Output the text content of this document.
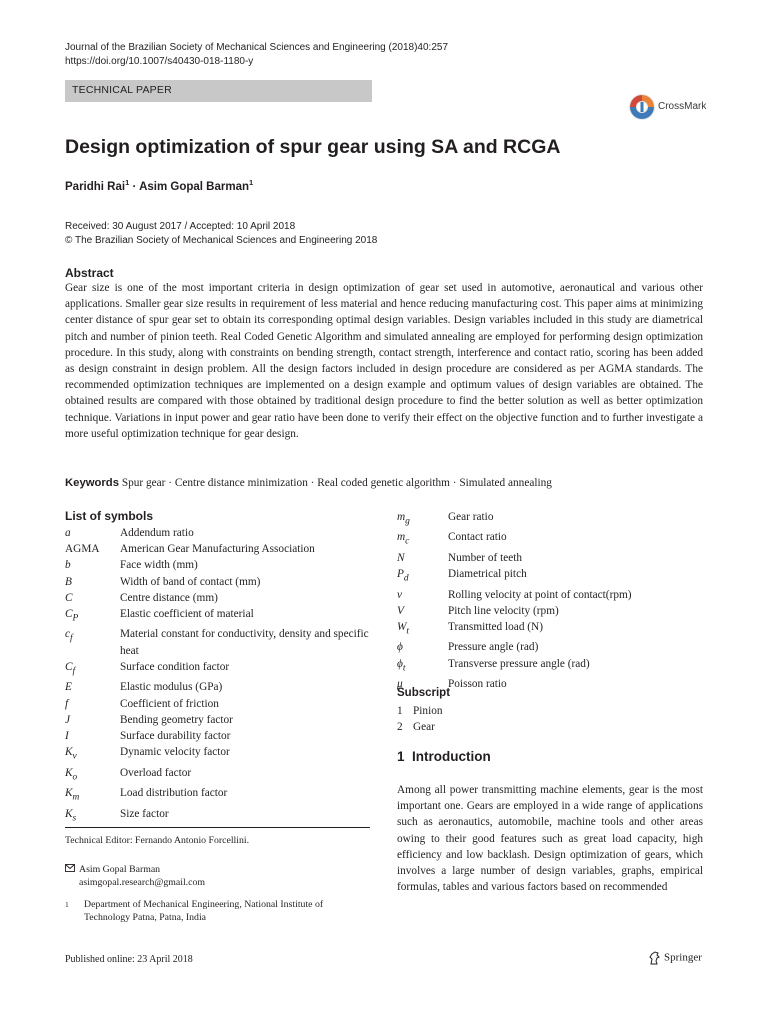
Journal of the Brazilian Society of Mechanical Sciences and Engineering (2018)40:257
https://doi.org/10.1007/s40430-018-1180-y
TECHNICAL PAPER
CrossMark
Design optimization of spur gear using SA and RCGA
Paridhi Rai$^1$ · Asim Gopal Barman$^1$
Received: 30 August 2017 / Accepted: 10 April 2018
© The Brazilian Society of Mechanical Sciences and Engineering 2018
Abstract

Gear size is one of the most important criteria in design optimization of gear set used in automotive, aeronautical and various other applications. Smaller gear size results in requirement of less material and hence reducing manufacturing cost. This paper aims at minimizing center distance of spur gear set to obtain its corresponding optimal design variables. Design variables included in this study are diametrical pitch and number of pinion teeth. Real Coded Genetic Algorithm and simulated annealing are employed for performing design optimization procedure. In this study, along with constraints on bending strength, contact strength, interference and contact ratio, scoring has been added as design constraint in design problem. All the design factors included in design procedure are considered as per AGMA standards. The recommended optimization techniques are implemented on a design example and optimum values of design variables are obtained. The obtained results are compared with those obtained by traditional design procedure to find the better solution as well as better optimization technique. Variations in input power and gear ratio have been done to verify their effect on the objective function and to further investigate a more useful optimization technique for gear design.

Keywords Spur gear · Centre distance minimization · Real coded genetic algorithm · Simulated annealing
List of symbols
a	Addendum ratio
AGMA	American Gear Manufacturing Association
b	Face width (mm)
B	Width of band of contact (mm)
C	Centre distance (mm)
$C_P$	Elastic coefficient of material
$c_f$	Material constant for conductivity, density and specific heat
$C_f$	Surface condition factor
E	Elastic modulus (GPa)
f	Coefficient of friction
J	Bending geometry factor
I	Surface durability factor
$K_v$	Dynamic velocity factor
$K_o$	Overload factor
$K_m$	Load distribution factor
$K_s$	Size factor
$m_g$	Gear ratio
$m_c$	Contact ratio
N	Number of teeth
$P_d$	Diametrical pitch
v	Rolling velocity at point of contact(rpm)
V	Pitch line velocity (rpm)
$W_t$	Transmitted load (N)
ϕ	Pressure angle (rad)
$\phi_t$	Transverse pressure angle (rad)
μ	Poisson ratio
Subscript
1	Pinion
2	Gear
1 Introduction

Among all power transmitting machine elements, gear is the most important one. Gears are employed in a wide range of applications such as aeronautics, automobile, machine tools and other areas owing to their good features such as great load capacity, high efficiency and low backlash. Design optimization of gears, which involves a large number of design variables, graphs, empirical formulas, tables and various factors based on recommended

Technical Editor: Fernando Antonio Forcellini.
Asim Gopal Barman
asimgopal.research@gmail.com
1 Department of Mechanical Engineering, National Institute of Technology Patna, Patna, India
Published online: 23 April 2018	Springer
